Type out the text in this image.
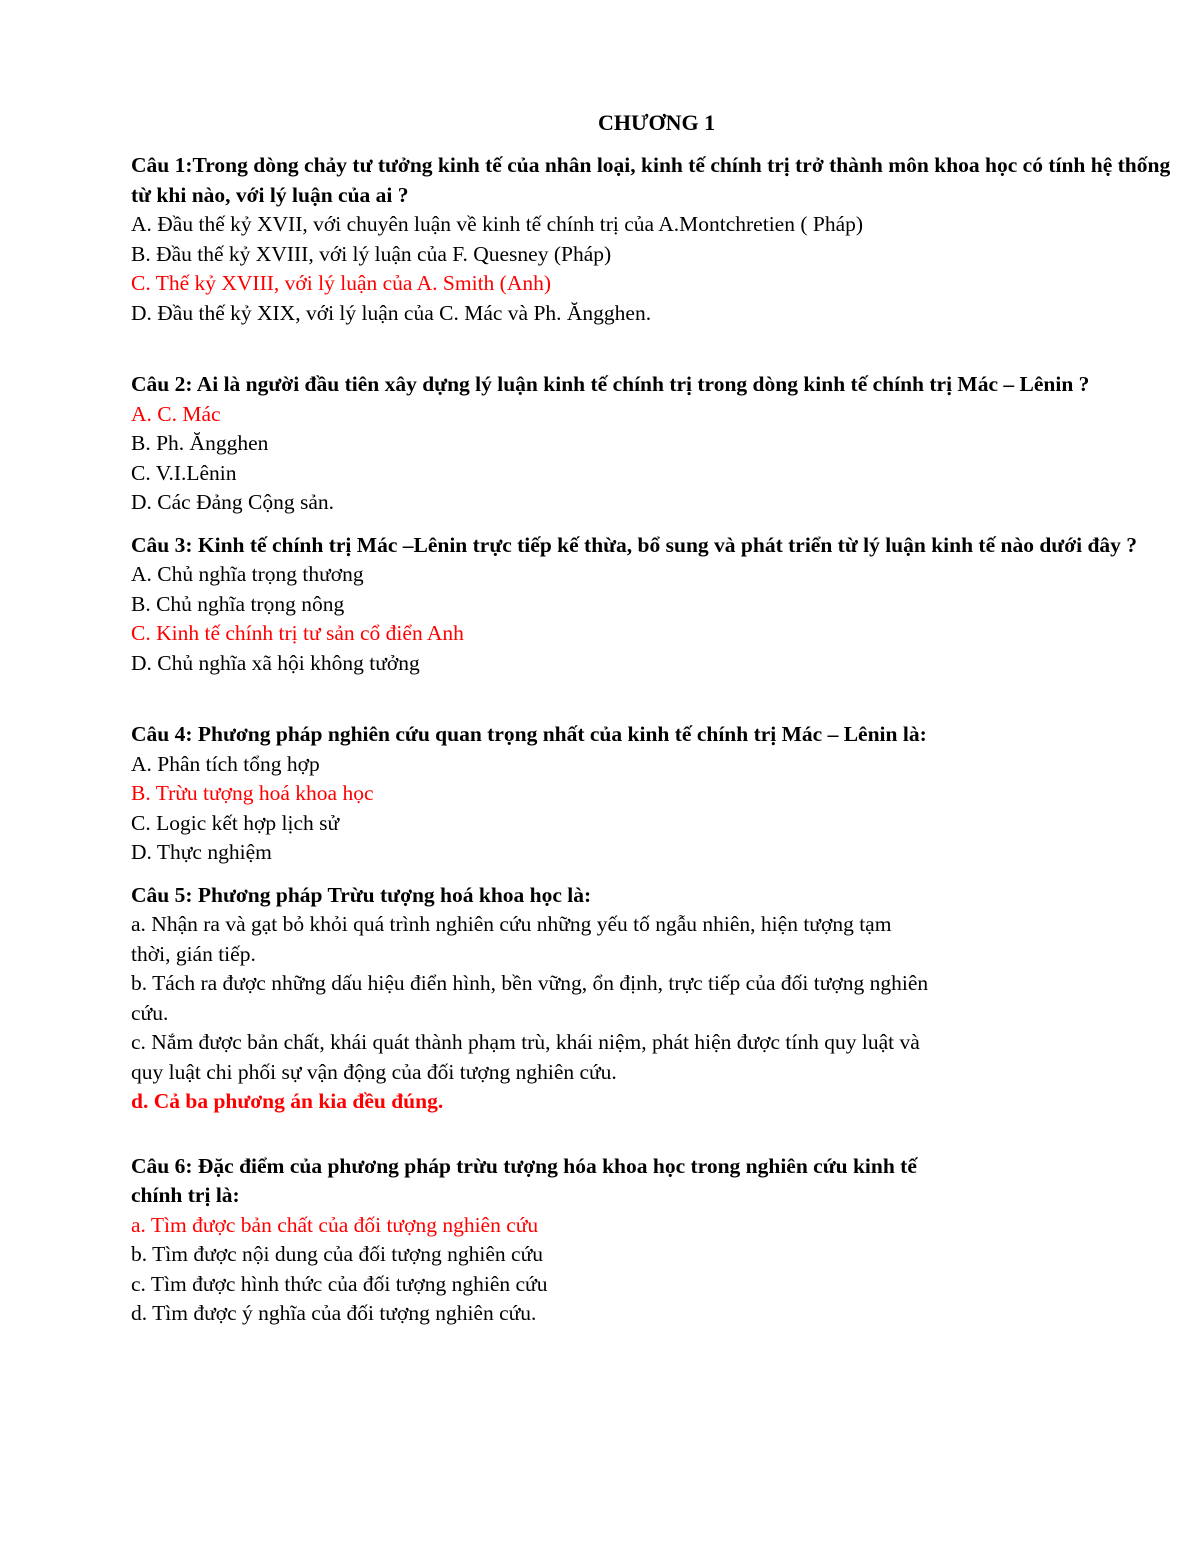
CHƯƠNG 1

Câu 1:Trong dòng chảy tư tưởng kinh tế của nhân loại, kinh tế chính trị trở thành môn khoa học có tính hệ thống từ khi nào, với lý luận của ai ?

A. Đầu thế kỷ XVII, với chuyên luận về kinh tế chính trị của A.Montchretien ( Pháp)

B. Đầu thế kỷ XVIII, với lý luận của F. Quesney (Pháp)

C. Thế kỷ XVIII, với lý luận của A. Smith (Anh)

D. Đầu thế kỷ XIX, với lý luận của C. Mác và Ph. Ăngghen.

Câu 2: Ai là người đầu tiên xây dựng lý luận kinh tế chính trị trong dòng kinh tế chính trị Mác – Lênin ?

A. C. Mác

B. Ph. Ăngghen

C. V.I.Lênin

D. Các Đảng Cộng sản.

Câu 3: Kinh tế chính trị Mác –Lênin trực tiếp kế thừa, bổ sung và phát triển từ lý luận kinh tế nào dưới đây ?

A. Chủ nghĩa trọng thương

B. Chủ nghĩa trọng nông

C. Kinh tế chính trị tư sản cổ điển Anh

D. Chủ nghĩa xã hội không tưởng

Câu 4: Phương pháp nghiên cứu quan trọng nhất của kinh tế chính trị Mác – Lênin là:

A. Phân tích tổng hợp

B. Trừu tượng hoá khoa học

C. Logic kết hợp lịch sử

D. Thực nghiệm

Câu 5: Phương pháp Trừu tượng hoá khoa học là:

a. Nhận ra và gạt bỏ khỏi quá trình nghiên cứu những yếu tố ngẫu nhiên, hiện tượng tạm thời, gián tiếp.

b. Tách ra được những dấu hiệu điển hình, bền vững, ổn định, trực tiếp của đối tượng nghiên cứu.

c. Nắm được bản chất, khái quát thành phạm trù, khái niệm, phát hiện được tính quy luật và quy luật chi phối sự vận động của đối tượng nghiên cứu.

d. Cả ba phương án kia đều đúng.

Câu 6: Đặc điểm của phương pháp trừu tượng hóa khoa học trong nghiên cứu kinh tế chính trị là:

a. Tìm được bản chất của đối tượng nghiên cứu

b. Tìm được nội dung của đối tượng nghiên cứu

c. Tìm được hình thức của đối tượng nghiên cứu

d. Tìm được ý nghĩa của đối tượng nghiên cứu.
